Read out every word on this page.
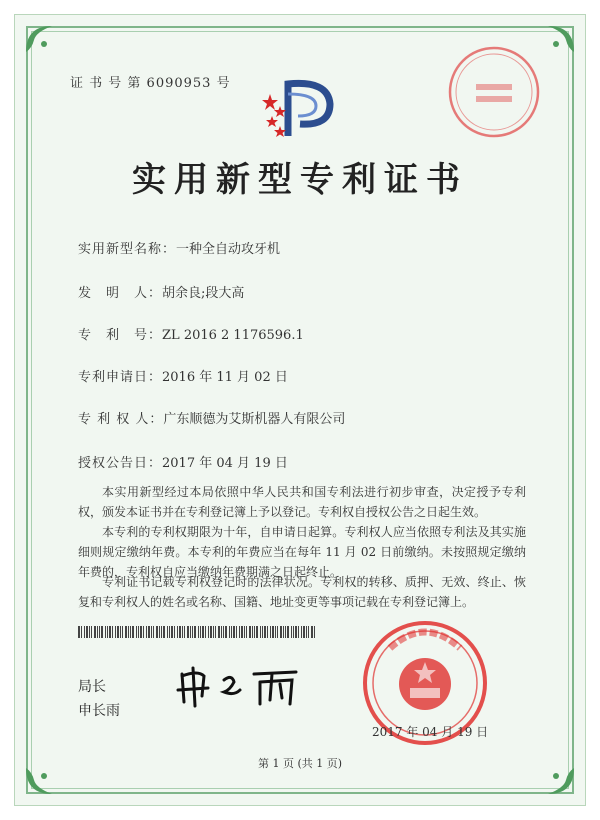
证 书 号 第 6090953 号
实用新型专利证书
实用新型名称：一种全自动攻牙机
发　明　人：胡余良;段大高
专　利　号：ZL 2016 2 1176596.1
专利申请日：2016 年 11 月 02 日
专 利 权 人：广东顺德为艾斯机器人有限公司
授权公告日：2017 年 04 月 19 日

本实用新型经过本局依照中华人民共和国专利法进行初步审查，决定授予专利权，颁发本证书并在专利登记簿上予以登记。专利权自授权公告之日起生效。

本专利的专利权期限为十年，自申请日起算。专利权人应当依照专利法及其实施细则规定缴纳年费。本专利的年费应当在每年 11 月 02 日前缴纳。未按照规定缴纳年费的，专利权自应当缴纳年费期满之日起终止。

专利证书记载专利权登记时的法律状况。专利权的转移、质押、无效、终止、恢复和专利权人的姓名或名称、国籍、地址变更等事项记载在专利登记簿上。

局长
申长雨
2017 年 04 月 19 日
第 1 页 (共 1 页)
